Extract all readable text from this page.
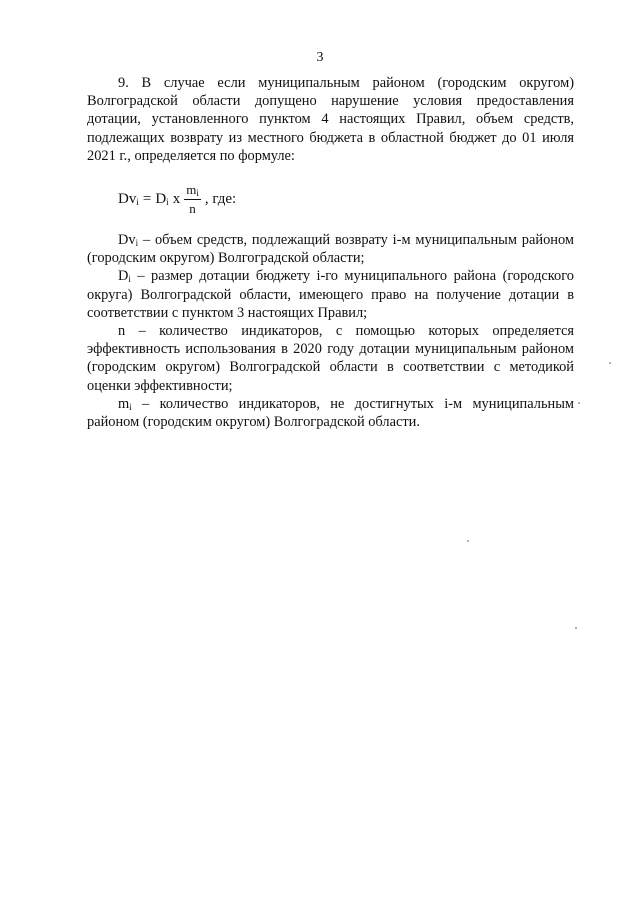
3

9. В случае если муниципальным районом (городским округом) Волгоградской области допущено нарушение условия предоставления дотации, установленного пунктом 4 настоящих Правил, объем средств, подлежащих возврату из местного бюджета в областной бюджет до 01 июля 2021 г., определяется по формуле:

$Dv_i = D_i$ x $\frac{m_i}{n}$ , где:

$Dv_i$ – объем средств, подлежащий возврату i-м муниципальным районом (городским округом) Волгоградской области;

$D_i$ – размер дотации бюджету i-го муниципального района (городского округа) Волгоградской области, имеющего право на получение дотации в соответствии с пунктом 3 настоящих Правил;

n – количество индикаторов, с помощью которых определяется эффективность использования в 2020 году дотации муниципальным районом (городским округом) Волгоградской области в соответствии с методикой оценки эффективности;

$m_i$ – количество индикаторов, не достигнутых i-м муниципальным районом (городским округом) Волгоградской области.
